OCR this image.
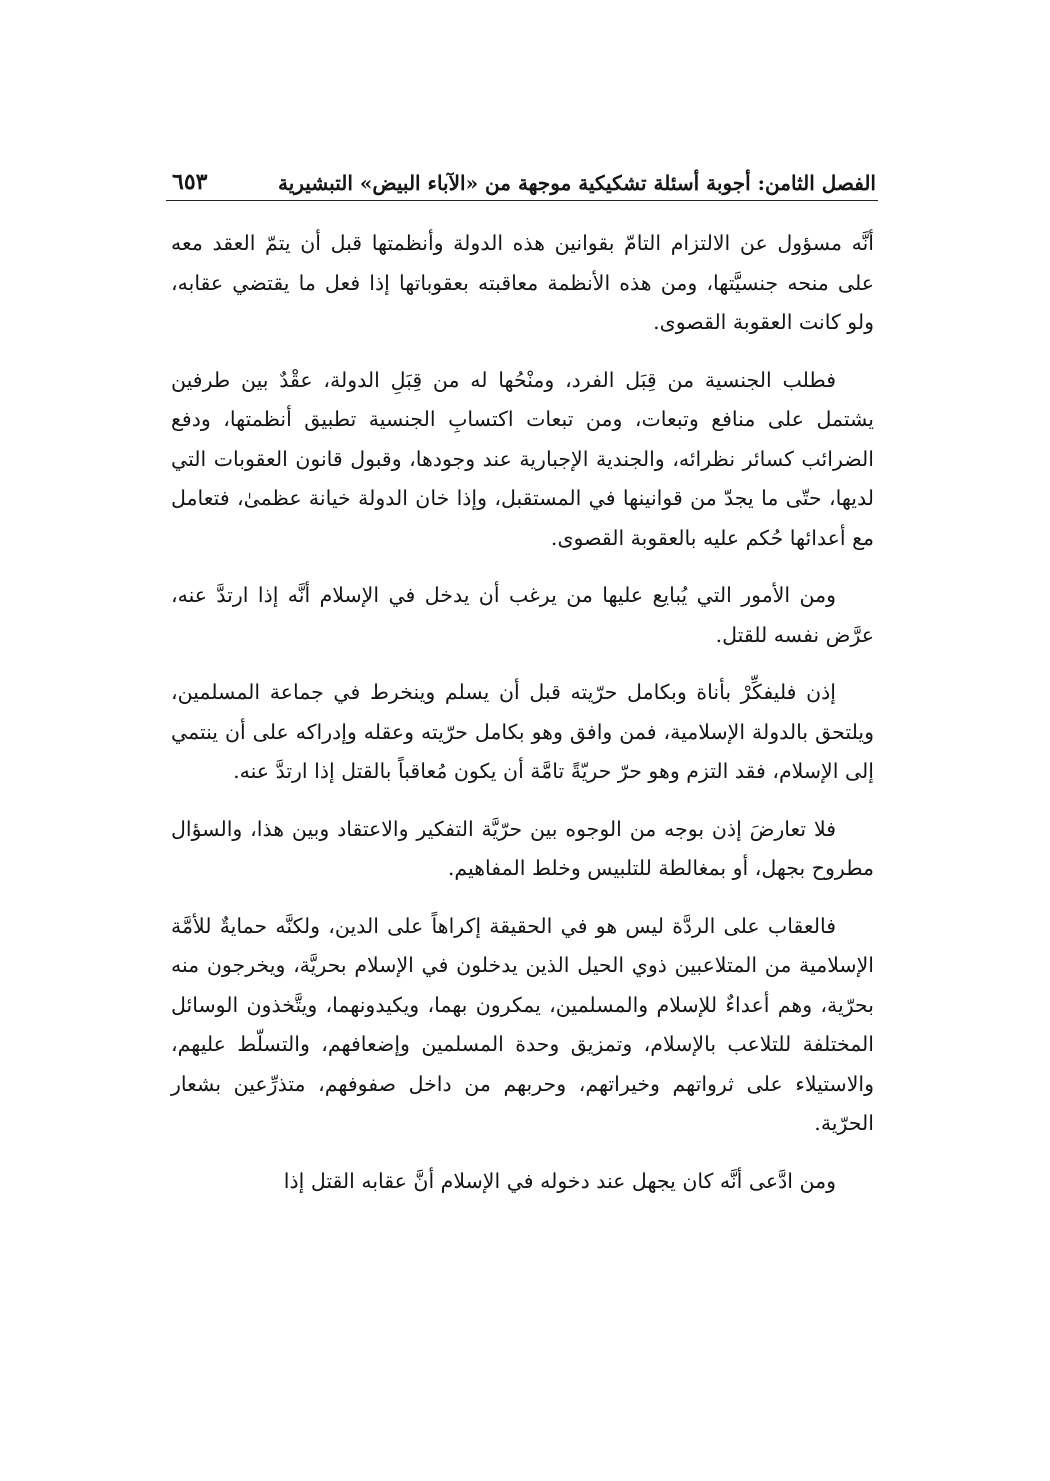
الفصل الثامن: أجوبة أسئلة تشكيكية موجهة من «الآباء البيض» التبشيرية
٦٥٣

أنَّه مسؤول عن الالتزام التامّ بقوانين هذه الدولة وأنظمتها قبل أن يتمّ العقد معه على منحه جنسيَّتها، ومن هذه الأنظمة معاقبته بعقوباتها إذا فعل ما يقتضي عقابه، ولو كانت العقوبة القصوى.

فطلب الجنسية من قِبَل الفرد، ومنْحُها له من قِبَلِ الدولة، عقْدٌ بين طرفين يشتمل على منافع وتبعات، ومن تبعات اكتسابِ الجنسية تطبيق أنظمتها، ودفع الضرائب كسائر نظرائه، والجندية الإجبارية عند وجودها، وقبول قانون العقوبات التي لديها، حتّى ما يجدّ من قوانينها في المستقبل، وإذا خان الدولة خيانة عظمىٰ، فتعامل مع أعدائها حُكم عليه بالعقوبة القصوى.

ومن الأمور التي يُبايع عليها من يرغب أن يدخل في الإسلام أنَّه إذا ارتدَّ عنه، عرَّض نفسه للقتل.

إذن فليفكِّرْ بأناة وبكامل حرّيته قبل أن يسلم وينخرط في جماعة المسلمين، ويلتحق بالدولة الإسلامية، فمن وافق وهو بكامل حرّيته وعقله وإدراكه على أن ينتمي إلى الإسلام، فقد التزم وهو حرّ حريّةً تامَّة أن يكون مُعاقباً بالقتل إذا ارتدَّ عنه.

فلا تعارضَ إذن بوجه من الوجوه بين حرّيَّة التفكير والاعتقاد وبين هذا، والسؤال مطروح بجهل، أو بمغالطة للتلبيس وخلط المفاهيم.

فالعقاب على الردَّة ليس هو في الحقيقة إكراهاً على الدين، ولكنَّه حمايةٌ للأمَّة الإسلامية من المتلاعبين ذوي الحيل الذين يدخلون في الإسلام بحريَّة، ويخرجون منه بحرّية، وهم أعداءٌ للإسلام والمسلمين، يمكرون بهما، ويكيدونهما، ويتَّخذون الوسائل المختلفة للتلاعب بالإسلام، وتمزيق وحدة المسلمين وإضعافهم، والتسلّط عليهم، والاستيلاء على ثرواتهم وخيراتهم، وحربهم من داخل صفوفهم، متذرِّعين بشعار الحرّية.

ومن ادَّعى أنَّه كان يجهل عند دخوله في الإسلام أنَّ عقابه القتل إذا
